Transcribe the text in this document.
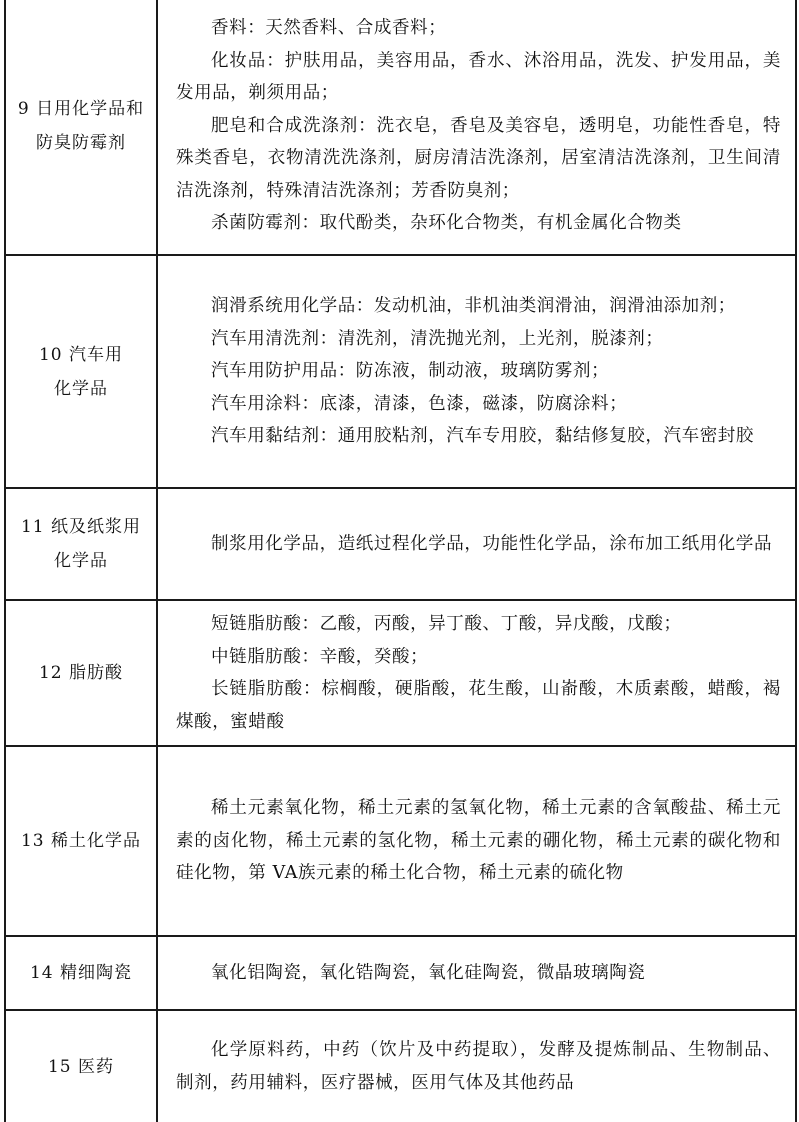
9 日用化学品和
防臭防霉剂

香料：天然香料、合成香料；

化妆品：护肤用品，美容用品，香水、沐浴用品，洗发、护发用品，美发用品，剃须用品；

肥皂和合成洗涤剂：洗衣皂，香皂及美容皂，透明皂，功能性香皂，特殊类香皂，衣物清洗洗涤剂，厨房清洁洗涤剂，居室清洁洗涤剂，卫生间清洁洗涤剂，特殊清洁洗涤剂；芳香防臭剂；

杀菌防霉剂：取代酚类，杂环化合物类，有机金属化合物类

10 汽车用
化学品

润滑系统用化学品：发动机油，非机油类润滑油，润滑油添加剂；

汽车用清洗剂：清洗剂，清洗抛光剂，上光剂，脱漆剂；

汽车用防护用品：防冻液，制动液，玻璃防雾剂；

汽车用涂料：底漆，清漆，色漆，磁漆，防腐涂料；

汽车用黏结剂：通用胶粘剂，汽车专用胶，黏结修复胶，汽车密封胶

11 纸及纸浆用
化学品

制浆用化学品，造纸过程化学品，功能性化学品，涂布加工纸用化学品

12 脂肪酸

短链脂肪酸：乙酸，丙酸，异丁酸、丁酸，异戊酸，戊酸；

中链脂肪酸：辛酸，癸酸；

长链脂肪酸：棕榈酸，硬脂酸，花生酸，山嵛酸，木质素酸，蜡酸，褐煤酸，蜜蜡酸

13 稀土化学品

稀土元素氧化物，稀土元素的氢氧化物，稀土元素的含氧酸盐、稀土元素的卤化物，稀土元素的氢化物，稀土元素的硼化物，稀土元素的碳化物和硅化物，第 VA族元素的稀土化合物，稀土元素的硫化物

14 精细陶瓷	氧化铝陶瓷，氧化锆陶瓷，氧化硅陶瓷，微晶玻璃陶瓷

15 医药

化学原料药，中药（饮片及中药提取），发酵及提炼制品、生物制品、制剂，药用辅料，医疗器械，医用气体及其他药品
